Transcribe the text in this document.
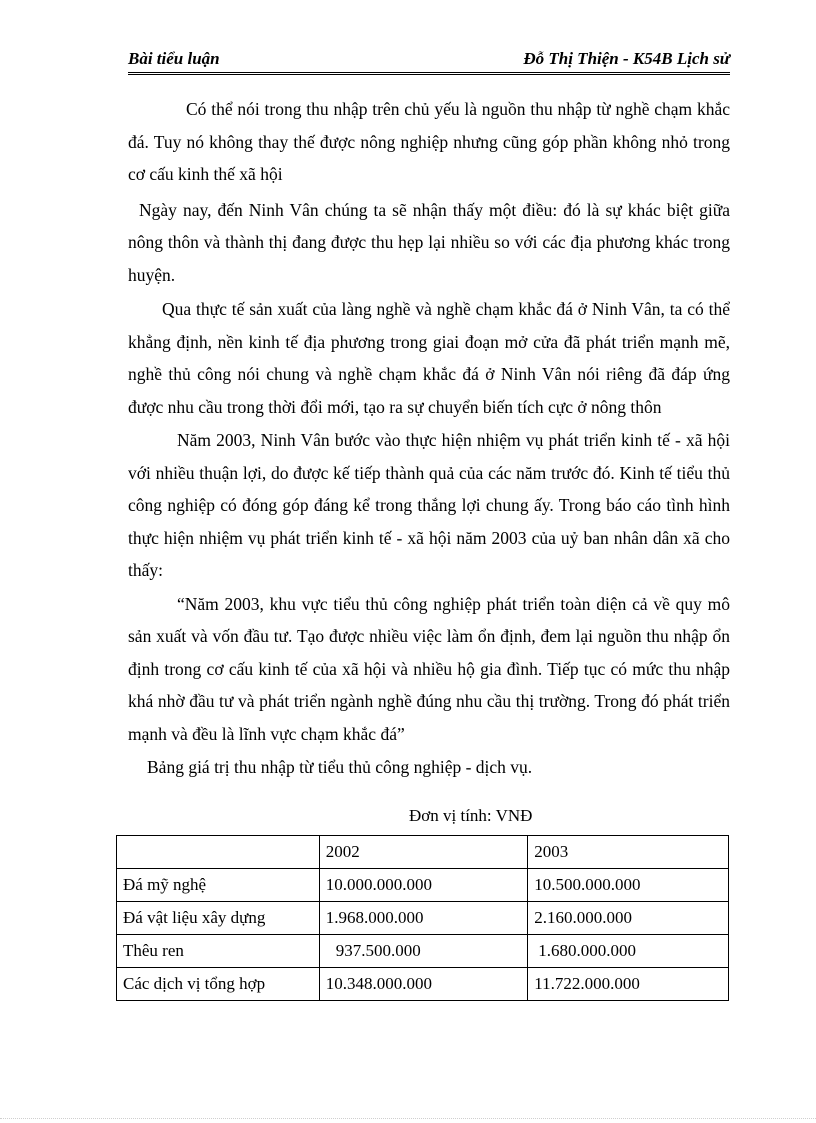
Bài tiểu luận	Đỗ Thị Thiện - K54B Lịch sử

Có thể nói trong thu nhập trên chủ yếu là nguồn thu nhập từ nghề chạm khắc đá. Tuy nó không thay thế được nông nghiệp nhưng cũng góp phần không nhỏ trong cơ cấu kinh thế xã hội

Ngày nay, đến Ninh Vân chúng ta sẽ nhận thấy một điều: đó là sự khác biệt giữa nông thôn và thành thị đang được thu hẹp lại nhiều so với các địa phương khác trong huyện.

Qua thực tế sản xuất của làng nghề và nghề chạm khắc đá ở Ninh Vân, ta có thể khẳng định, nền kinh tế địa phương trong giai đoạn mở cửa đã phát triển mạnh mẽ, nghề thủ công nói chung và nghề chạm khắc đá ở Ninh Vân nói riêng đã đáp ứng được nhu cầu trong thời đổi mới, tạo ra sự chuyển biến tích cực ở nông thôn

Năm 2003, Ninh Vân bước vào thực hiện nhiệm vụ phát triển kinh tế - xã hội với nhiều thuận lợi, do được kế tiếp thành quả của các năm trước đó. Kinh tế tiểu thủ công nghiệp có đóng góp đáng kể trong thắng lợi chung ấy. Trong báo cáo tình hình thực hiện nhiệm vụ phát triển kinh tế - xã hội năm 2003 của uỷ ban nhân dân xã cho thấy:

“Năm 2003, khu vực tiểu thủ công nghiệp phát triển toàn diện cả về quy mô sản xuất và vốn đầu tư. Tạo được nhiều việc làm ổn định, đem lại nguồn thu nhập ổn định trong cơ cấu kinh tế của xã hội và nhiều hộ gia đình. Tiếp tục có mức thu nhập khá nhờ đầu tư và phát triển ngành nghề đúng nhu cầu thị trường. Trong đó phát triển mạnh và đều là lĩnh vực chạm khắc đá”

Bảng giá trị thu nhập từ tiểu thủ công nghiệp - dịch vụ.

Đơn vị tính: VNĐ
	2002	2003
Đá mỹ nghệ	10.000.000.000	10.500.000.000
Đá vật liệu xây dựng	1.968.000.000	2.160.000.000
Thêu ren	937.500.000	1.680.000.000
Các dịch vị tổng hợp	10.348.000.000	11.722.000.000
